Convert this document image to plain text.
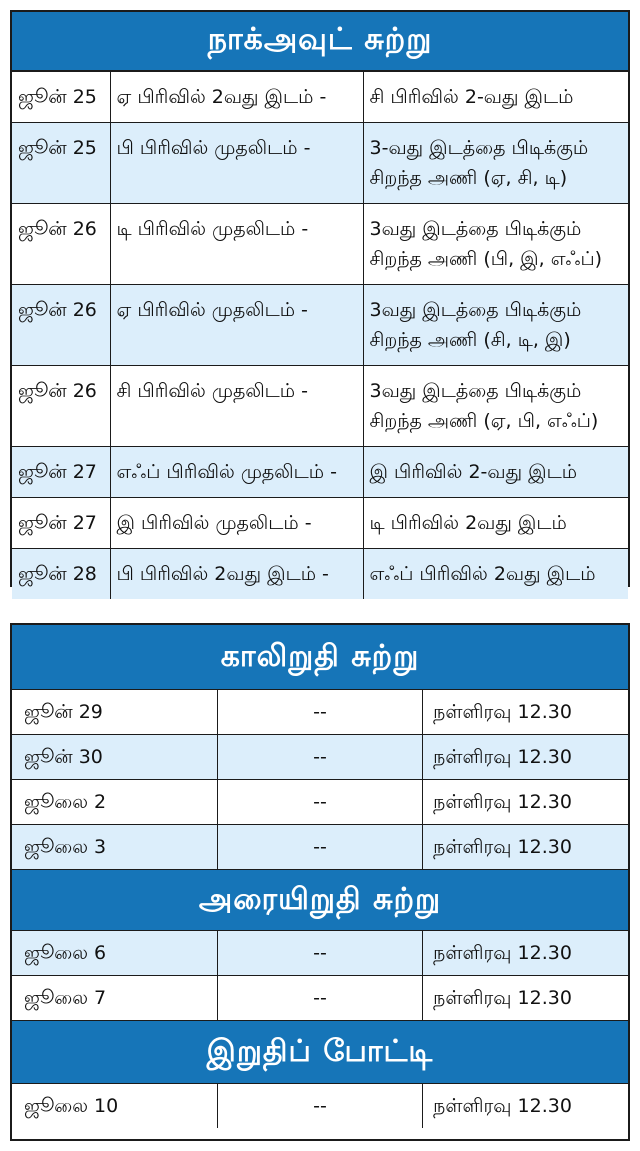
நாக்அவுட் சுற்று
ஜூன் 25	ஏ பிரிவில் 2வது இடம் -	சி பிரிவில் 2-வது இடம்
ஜூன் 25	பி பிரிவில் முதலிடம் -	3-வது இடத்தை பிடிக்கும் சிறந்த அணி (ஏ, சி, டி)
ஜூன் 26	டி பிரிவில் முதலிடம் -	3வது இடத்தை பிடிக்கும் சிறந்த அணி (பி, இ, எஃப்)
ஜூன் 26	ஏ பிரிவில் முதலிடம் -	3வது இடத்தை பிடிக்கும் சிறந்த அணி (சி, டி, இ)
ஜூன் 26	சி பிரிவில் முதலிடம் -	3வது இடத்தை பிடிக்கும் சிறந்த அணி (ஏ, பி, எஃப்)
ஜூன் 27	எஃப் பிரிவில் முதலிடம் -	இ பிரிவில் 2-வது இடம்
ஜூன் 27	இ பிரிவில் முதலிடம் -	டி பிரிவில் 2வது இடம்
ஜூன் 28	பி பிரிவில் 2வது இடம் -	எஃப் பிரிவில் 2வது இடம்
காலிறுதி சுற்று		

ஜூன் 29	--	நள்ளிரவு 12.30
ஜூன் 30	--	நள்ளிரவு 12.30
ஜூலை 2	--	நள்ளிரவு 12.30
ஜூலை 3	--	நள்ளிரவு 12.30

அரையிறுதி சுற்று		

ஜூலை 6	--	நள்ளிரவு 12.30
ஜூலை 7	--	நள்ளிரவு 12.30

இறுதிப் போட்டி		

ஜூலை 10	--	நள்ளிரவு 12.30
